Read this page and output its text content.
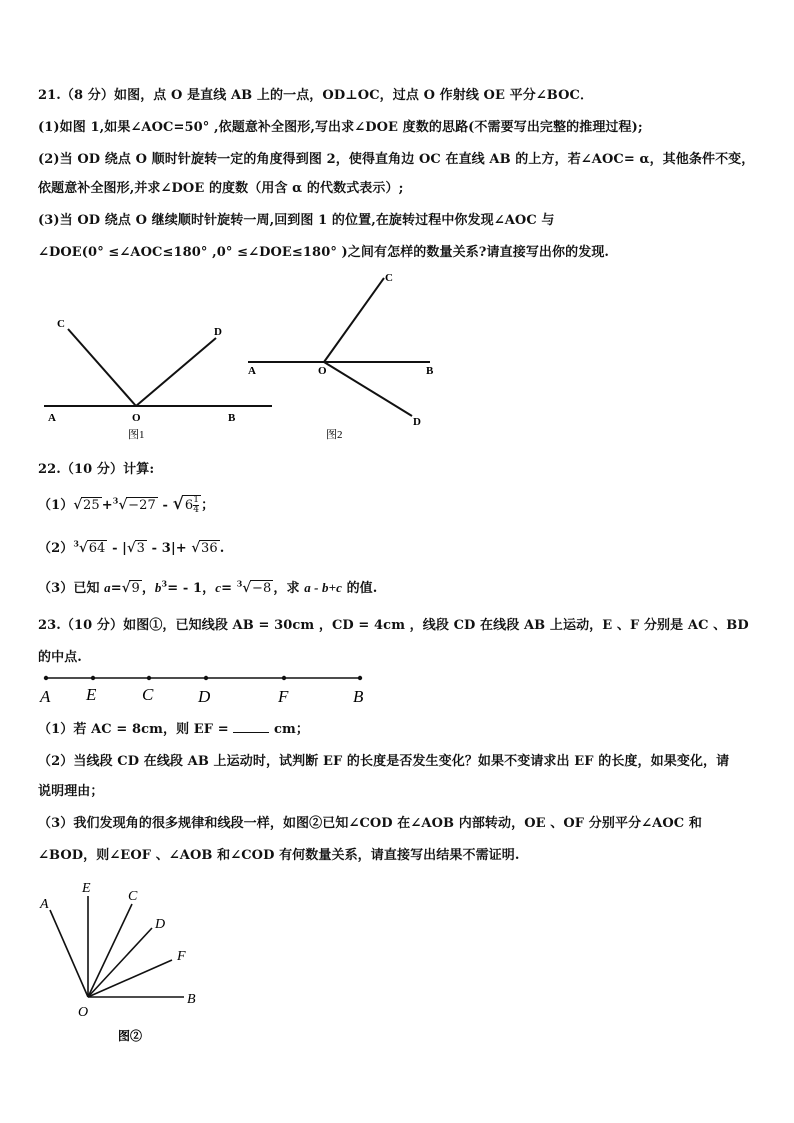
21.（8 分）如图，点 O 是直线 AB 上的一点，OD⊥OC，过点 O 作射线 OE 平分∠BOC．
(1)如图 1,如果∠AOC=50° ,依题意补全图形,写出求∠DOE 度数的思路(不需要写出完整的推理过程);
(2)当 OD 绕点 O 顺时针旋转一定的角度得到图 2，使得直角边 OC 在直线 AB 的上方，若∠AOC= α，其他条件不变，
依题意补全图形,并求∠DOE 的度数（用含 α 的代数式表示）;
(3)当 OD 绕点 O 继续顺时针旋转一周,回到图 1 的位置,在旋转过程中你发现∠AOC 与
∠DOE(0° ≤∠AOC≤180° ,0° ≤∠DOE≤180° )之间有怎样的数量关系?请直接写出你的发现.
A	O	B
C
D
图1
A	O	B
C
D
图2
22.（10 分）计算:
$(1)√25 +^3√-27 - √6 \frac{1}{4}$ ；
$(2)^3√64 - |√3 - 3|+ √36$ .
（3）已知 a=√9 ，$b^3= - 1$，c= $^3$√−8 ，求 a - b+c 的值.
23.（10 分）如图①，已知线段 AB = 30cm ，CD = 4cm ，线段 CD 在线段 AB 上运动，E 、F 分别是 AC 、BD
的中点.
A E	C	D	F	B
（1）若 AC = 8cm，则 EF =	cm；
（2）当线段 CD 在线段 AB 上运动时，试判断 EF 的长度是否发生变化？如果不变请求出 EF 的长度，如果变化，请
说明理由；
（3）我们发现角的很多规律和线段一样，如图②已知∠COD 在∠AOB 内部转动，OE 、OF 分别平分∠AOC 和
∠BOD，则∠EOF 、∠AOB 和∠COD 有何数量关系，请直接写出结果不需证明.
A
E
C
D
F
B
O
图②
